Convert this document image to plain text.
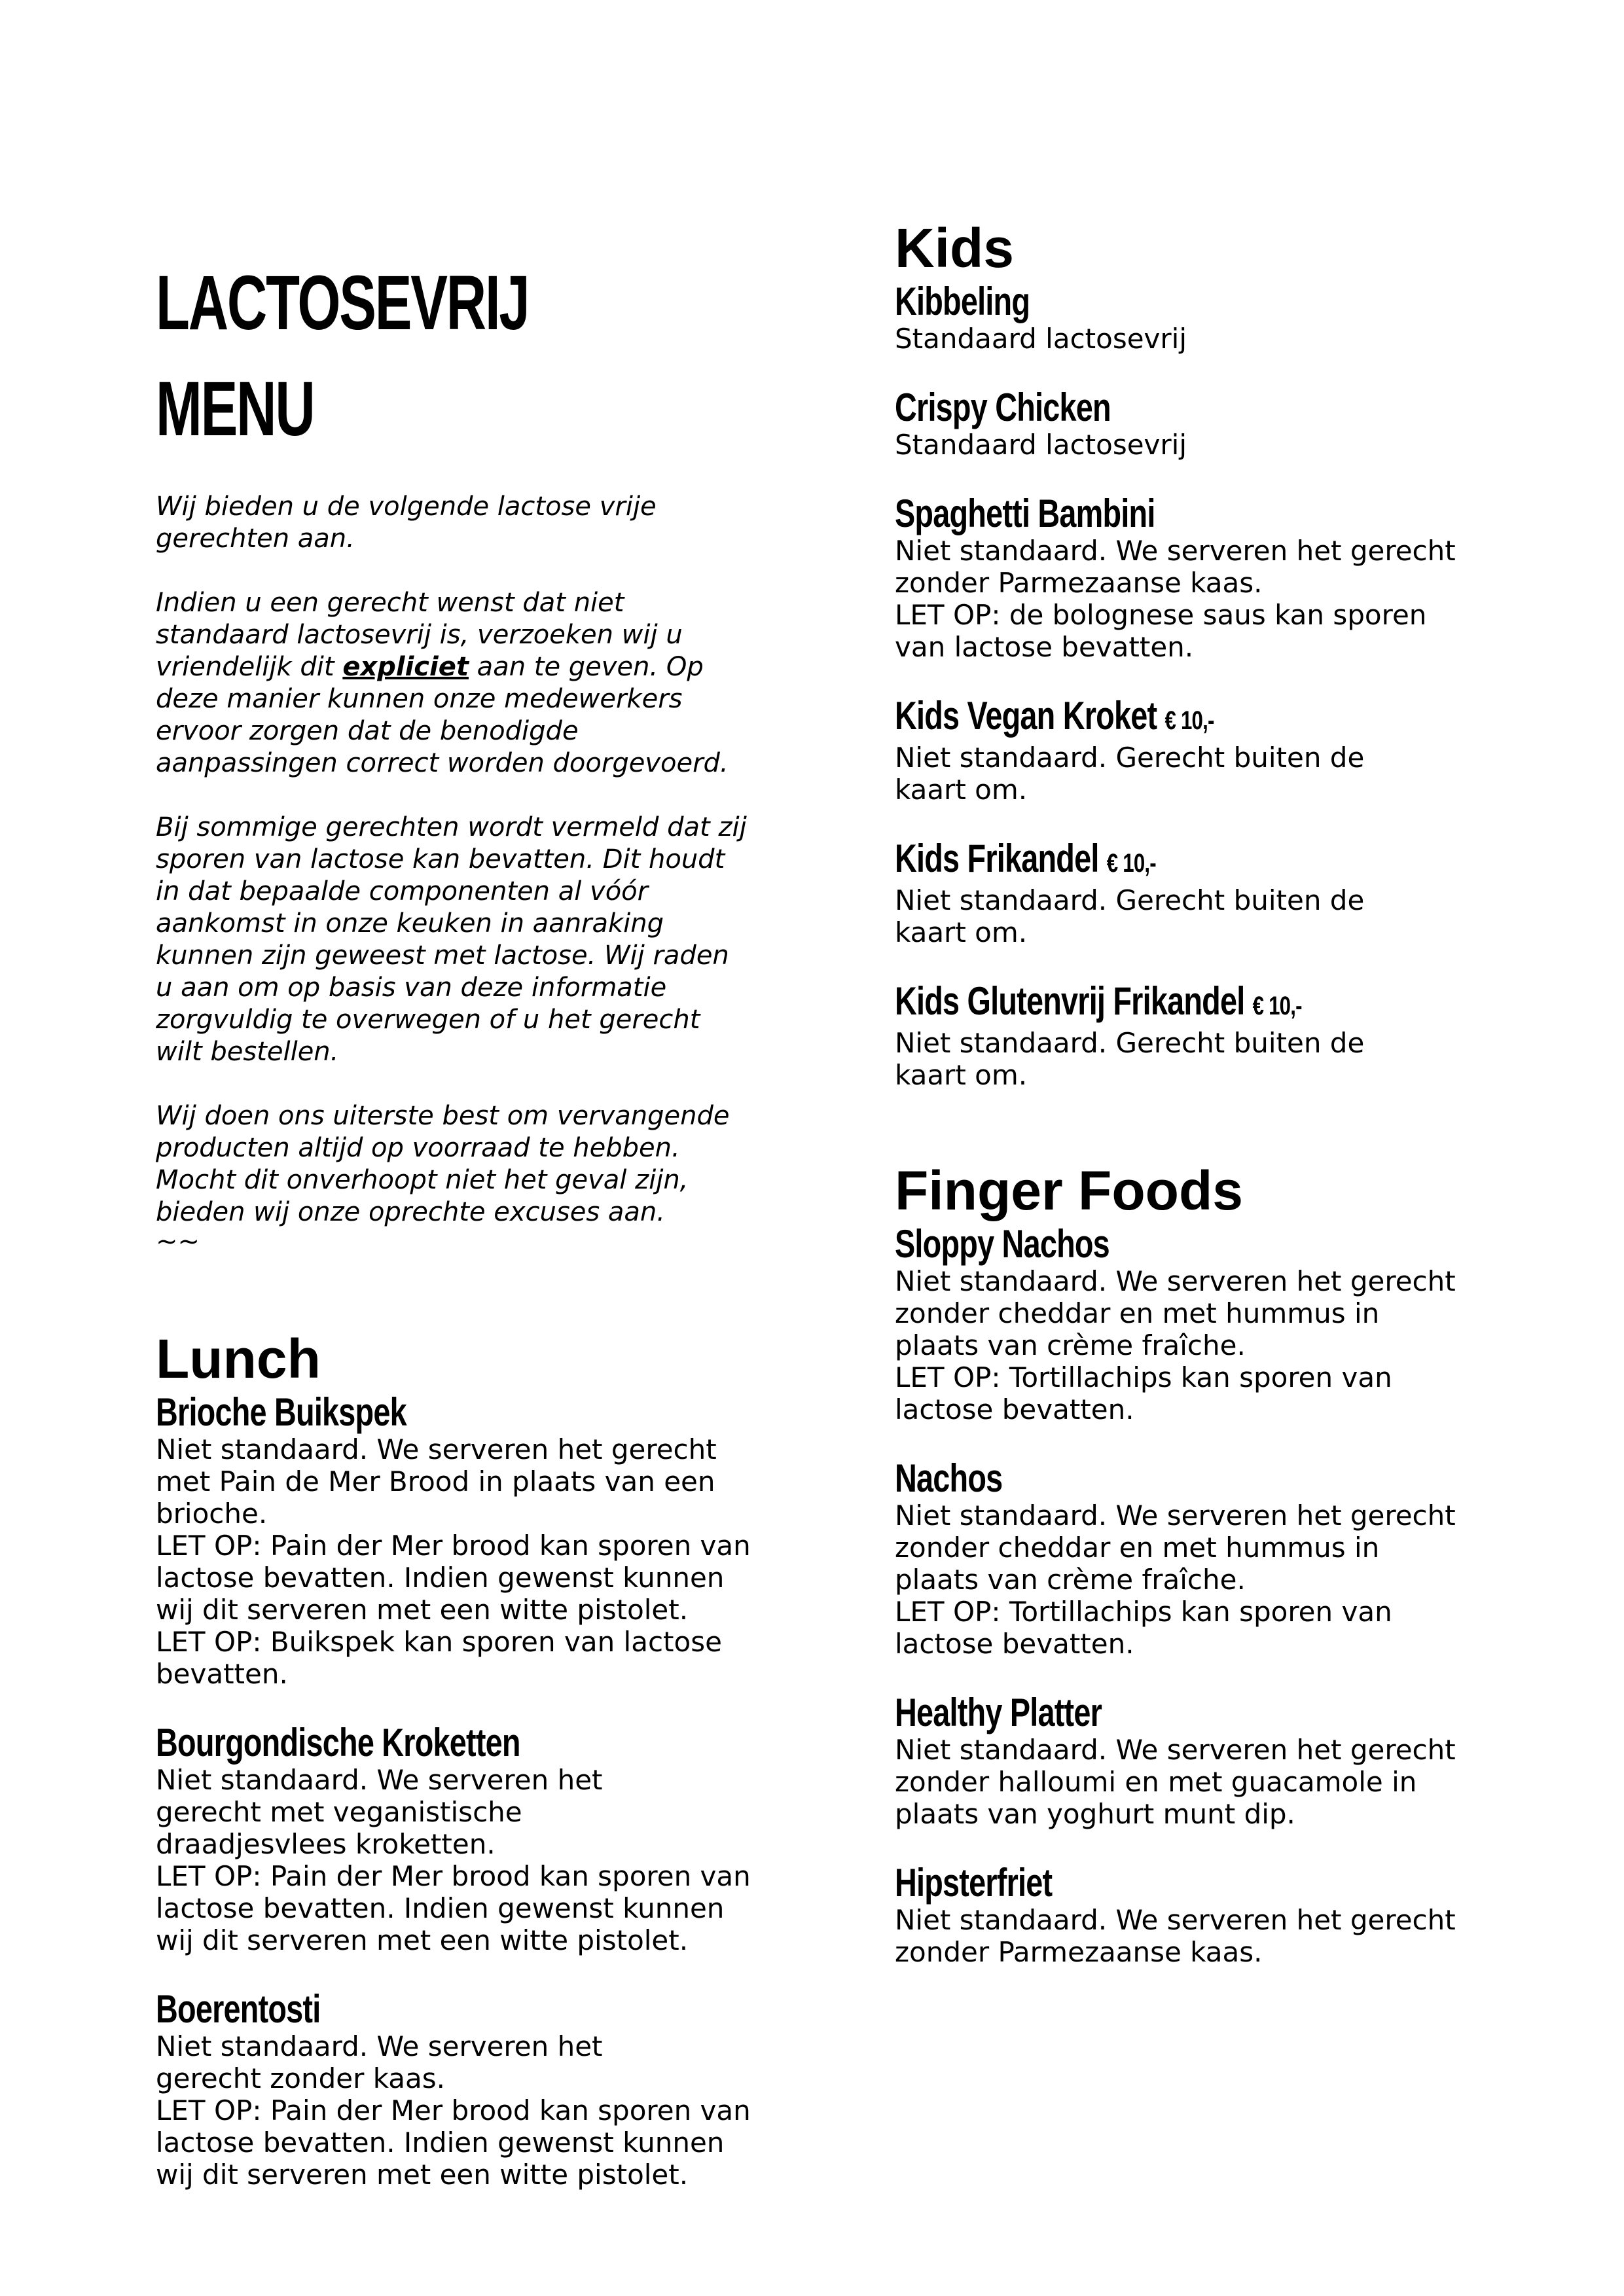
LACTOSEVRIJ
MENU

Wij bieden u de volgende lactose vrije
gerechten aan.

Indien u een gerecht wenst dat niet
standaard lactosevrij is, verzoeken wij u
vriendelijk dit expliciet aan te geven. Op
deze manier kunnen onze medewerkers
ervoor zorgen dat de benodigde
aanpassingen correct worden doorgevoerd.

Bij sommige gerechten wordt vermeld dat zij
sporen van lactose kan bevatten. Dit houdt
in dat bepaalde componenten al vóór
aankomst in onze keuken in aanraking
kunnen zijn geweest met lactose. Wij raden
u aan om op basis van deze informatie
zorgvuldig te overwegen of u het gerecht
wilt bestellen.

Wij doen ons uiterste best om vervangende
producten altijd op voorraad te hebben.
Mocht dit onverhoopt niet het geval zijn,
bieden wij onze oprechte excuses aan.

~~

Lunch
Brioche Buikspek

Niet standaard. We serveren het gerecht
met Pain de Mer Brood in plaats van een
brioche.
LET OP: Pain der Mer brood kan sporen van
lactose bevatten. Indien gewenst kunnen
wij dit serveren met een witte pistolet.
LET OP: Buikspek kan sporen van lactose
bevatten.

Bourgondische Kroketten

Niet standaard. We serveren het
gerecht met veganistische
draadjesvlees kroketten.
LET OP: Pain der Mer brood kan sporen van
lactose bevatten. Indien gewenst kunnen
wij dit serveren met een witte pistolet.

Boerentosti

Niet standaard. We serveren het
gerecht zonder kaas.
LET OP: Pain der Mer brood kan sporen van
lactose bevatten. Indien gewenst kunnen
wij dit serveren met een witte pistolet.

Kids
Kibbeling

Standaard lactosevrij

Crispy Chicken

Standaard lactosevrij

Spaghetti Bambini

Niet standaard. We serveren het gerecht
zonder Parmezaanse kaas.
LET OP: de bolognese saus kan sporen
van lactose bevatten.

Kids Vegan Kroket € 10,-

Niet standaard. Gerecht buiten de
kaart om.

Kids Frikandel € 10,-

Niet standaard. Gerecht buiten de
kaart om.

Kids Glutenvrij Frikandel € 10,-

Niet standaard. Gerecht buiten de
kaart om.

Finger Foods
Sloppy Nachos

Niet standaard. We serveren het gerecht
zonder cheddar en met hummus in
plaats van crème fraîche.
LET OP: Tortillachips kan sporen van
lactose bevatten.

Nachos

Niet standaard. We serveren het gerecht
zonder cheddar en met hummus in
plaats van crème fraîche.
LET OP: Tortillachips kan sporen van
lactose bevatten.

Healthy Platter

Niet standaard. We serveren het gerecht
zonder halloumi en met guacamole in
plaats van yoghurt munt dip.

Hipsterfriet

Niet standaard. We serveren het gerecht
zonder Parmezaanse kaas.
